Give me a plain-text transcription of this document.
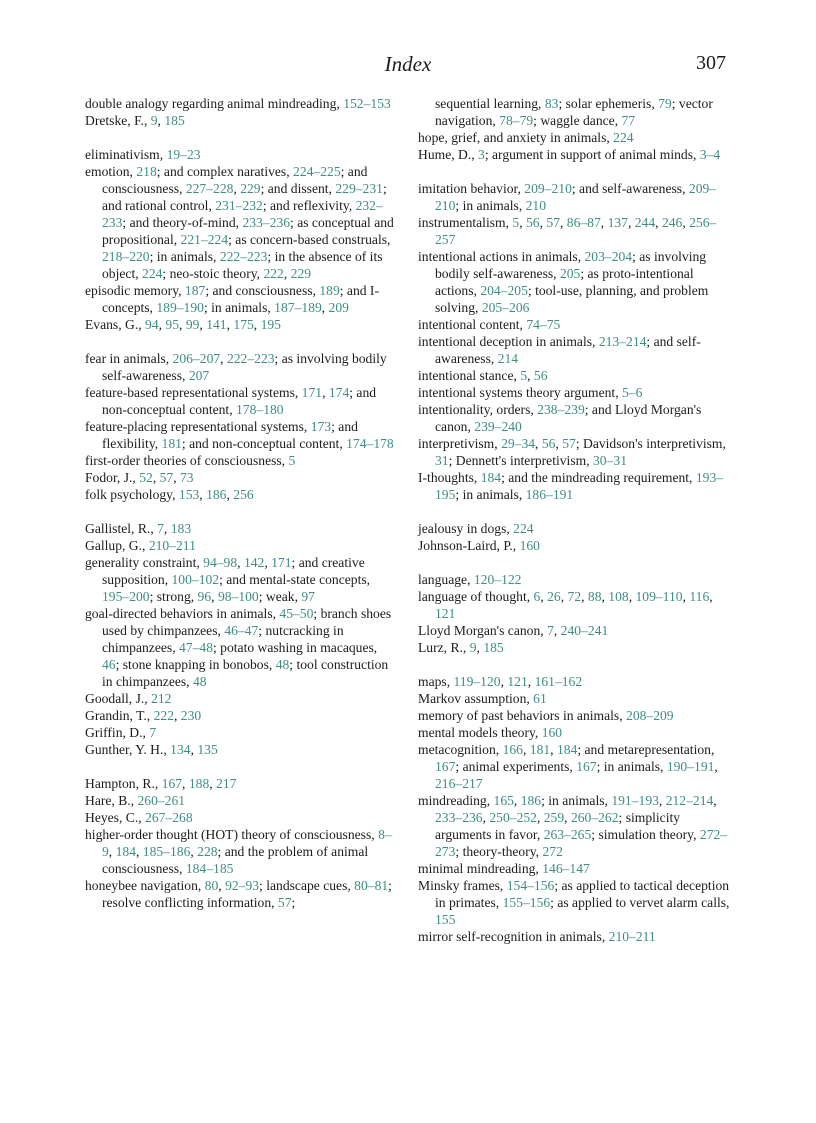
Index	307

double analogy regarding animal mindreading, 152–153

Dretske, F., 9, 185

eliminativism, 19–23

emotion, 218; and complex naratives, 224–225; and consciousness, 227–228, 229; and dissent, 229–231; and rational control, 231–232; and reflexivity, 232–233; and theory-of-mind, 233–236; as conceptual and propositional, 221–224; as concern-based construals, 218–220; in animals, 222–223; in the absence of its object, 224; neo-stoic theory, 222, 229

episodic memory, 187; and consciousness, 189; and I-concepts, 189–190; in animals, 187–189, 209

Evans, G., 94, 95, 99, 141, 175, 195

fear in animals, 206–207, 222–223; as involving bodily self-awareness, 207

feature-based representational systems, 171, 174; and non-conceptual content, 178–180

feature-placing representational systems, 173; and flexibility, 181; and non-conceptual content, 174–178

first-order theories of consciousness, 5

Fodor, J., 52, 57, 73

folk psychology, 153, 186, 256

Gallistel, R., 7, 183

Gallup, G., 210–211

generality constraint, 94–98, 142, 171; and creative supposition, 100–102; and mental-state concepts, 195–200; strong, 96, 98–100; weak, 97

goal-directed behaviors in animals, 45–50; branch shoes used by chimpanzees, 46–47; nutcracking in chimpanzees, 47–48; potato washing in macaques, 46; stone knapping in bonobos, 48; tool construction in chimpanzees, 48

Goodall, J., 212

Grandin, T., 222, 230

Griffin, D., 7

Gunther, Y. H., 134, 135

Hampton, R., 167, 188, 217

Hare, B., 260–261

Heyes, C., 267–268

higher-order thought (HOT) theory of consciousness, 8–9, 184, 185–186, 228; and the problem of animal consciousness, 184–185

honeybee navigation, 80, 92–93; landscape cues, 80–81; resolve conflicting information, 57;

sequential learning, 83; solar ephemeris, 79; vector navigation, 78–79; waggle dance, 77

hope, grief, and anxiety in animals, 224

Hume, D., 3; argument in support of animal minds, 3–4

imitation behavior, 209–210; and self-awareness, 209–210; in animals, 210

instrumentalism, 5, 56, 57, 86–87, 137, 244, 246, 256–257

intentional actions in animals, 203–204; as involving bodily self-awareness, 205; as proto-intentional actions, 204–205; tool-use, planning, and problem solving, 205–206

intentional content, 74–75

intentional deception in animals, 213–214; and self-awareness, 214

intentional stance, 5, 56

intentional systems theory argument, 5–6

intentionality, orders, 238–239; and Lloyd Morgan's canon, 239–240

interpretivism, 29–34, 56, 57; Davidson's interpretivism, 31; Dennett's interpretivism, 30–31

I-thoughts, 184; and the mindreading requirement, 193–195; in animals, 186–191

jealousy in dogs, 224

Johnson-Laird, P., 160

language, 120–122

language of thought, 6, 26, 72, 88, 108, 109–110, 116, 121

Lloyd Morgan's canon, 7, 240–241

Lurz, R., 9, 185

maps, 119–120, 121, 161–162

Markov assumption, 61

memory of past behaviors in animals, 208–209

mental models theory, 160

metacognition, 166, 181, 184; and metarepresentation, 167; animal experiments, 167; in animals, 190–191, 216–217

mindreading, 165, 186; in animals, 191–193, 212–214, 233–236, 250–252, 259, 260–262; simplicity arguments in favor, 263–265; simulation theory, 272–273; theory-theory, 272

minimal mindreading, 146–147

Minsky frames, 154–156; as applied to tactical deception in primates, 155–156; as applied to vervet alarm calls, 155

mirror self-recognition in animals, 210–211
